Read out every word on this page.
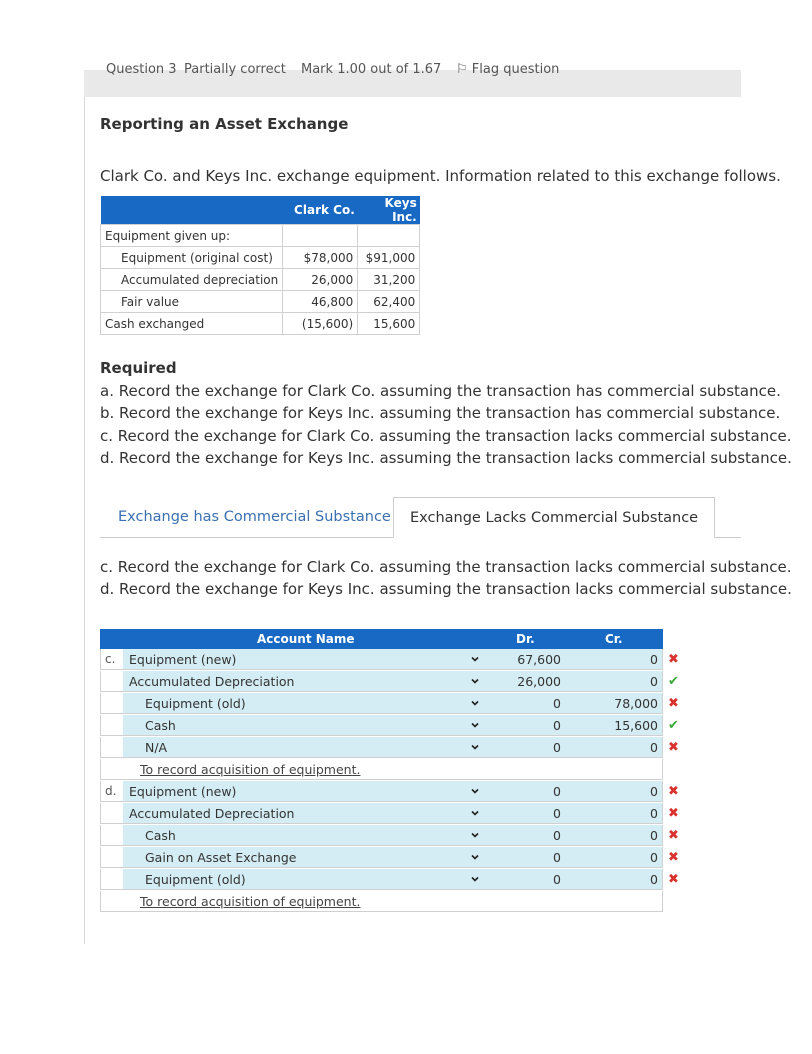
Question 3 Partially correct Mark 1.00 out of 1.67 ⚐ Flag question
Reporting an Asset Exchange

Clark Co. and Keys Inc. exchange equipment. Information related to this exchange follows.

	Clark Co.	Keys Inc.
Equipment given up:		
Equipment (original cost)	$78,000	$91,000
Accumulated depreciation	26,000	31,200
Fair value	46,800	62,400
Cash exchanged	(15,600)	15,600
Required
a. Record the exchange for Clark Co. assuming the transaction has commercial substance.
b. Record the exchange for Keys Inc. assuming the transaction has commercial substance.
c. Record the exchange for Clark Co. assuming the transaction lacks commercial substance.
d. Record the exchange for Keys Inc. assuming the transaction lacks commercial substance.
Exchange has Commercial Substance	Exchange Lacks Commercial Substance
c. Record the exchange for Clark Co. assuming the transaction lacks commercial substance.
d. Record the exchange for Keys Inc. assuming the transaction lacks commercial substance.
Account Name	Dr.	Cr.
c.	Equipment (new)	67,600	0 ✖
Accumulated Depreciation	26,000	0 ✔
Equipment (old)	0	78,000 ✖
Cash	0	15,600 ✔
N/A	0	0 ✖
To record acquisition of equipment.
d.	Equipment (new)	0	0 ✖
Accumulated Depreciation	0	0 ✖
Cash	0	0 ✖
Gain on Asset Exchange	0	0 ✖
Equipment (old)	0	0 ✖
To record acquisition of equipment.
